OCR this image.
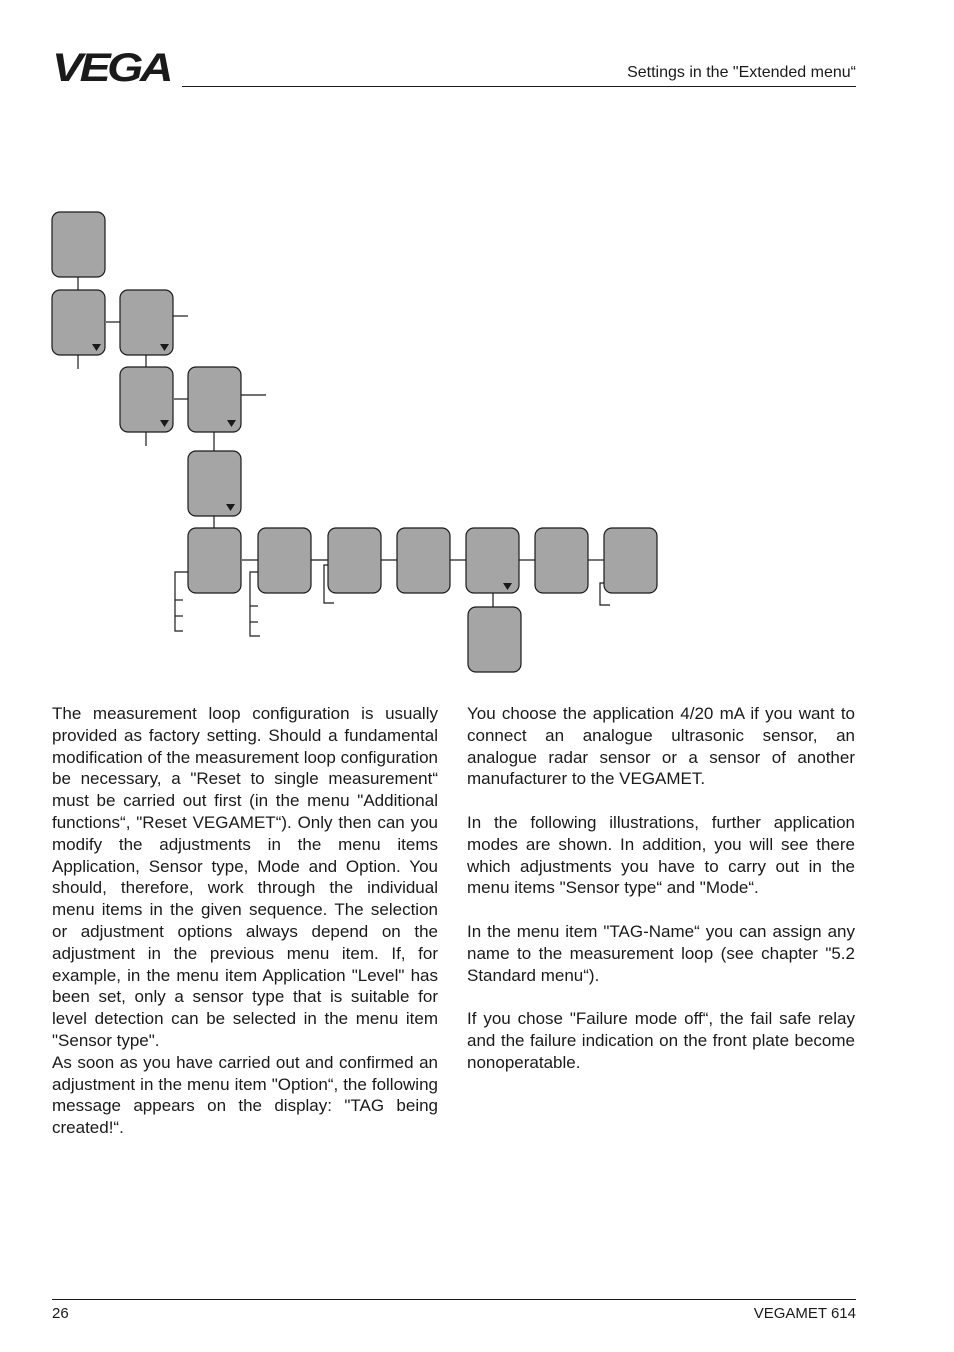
VEGA	Settings in the "Extended menu“

The measurement loop configuration is usually provided as factory setting. Should a fundamental modification of the measurement loop configuration be necessary, a "Reset to single measurement“ must be carried out first (in the menu "Additional functions“, "Reset VEGAMET“). Only then can you modify the adjustments in the menu items Application, Sensor type, Mode and Option. You should, therefore, work through the individual menu items in the given sequence. The selection or adjustment options always depend on the adjustment in the previous menu item. If, for example, in the menu item Application "Level" has been set, only a sensor type that is suitable for level detection can be selected in the menu item "Sensor type".

As soon as you have carried out and confirmed an adjustment in the menu item "Option“, the following message appears on the display: "TAG being created!“.

You choose the application 4/20 mA if you want to connect an analogue ultrasonic sensor, an analogue radar sensor or a sensor of another manufacturer to the VEGAMET.

In the following illustrations, further application modes are shown. In addition, you will see there which adjustments you have to carry out in the menu items "Sensor type“ and "Mode“.

In the menu item "TAG-Name“ you can assign any name to the measurement loop (see chapter "5.2 Standard menu“).

If you chose "Failure mode off“, the fail safe relay and the failure indication on the front plate become nonoperatable.

26	VEGAMET 614
